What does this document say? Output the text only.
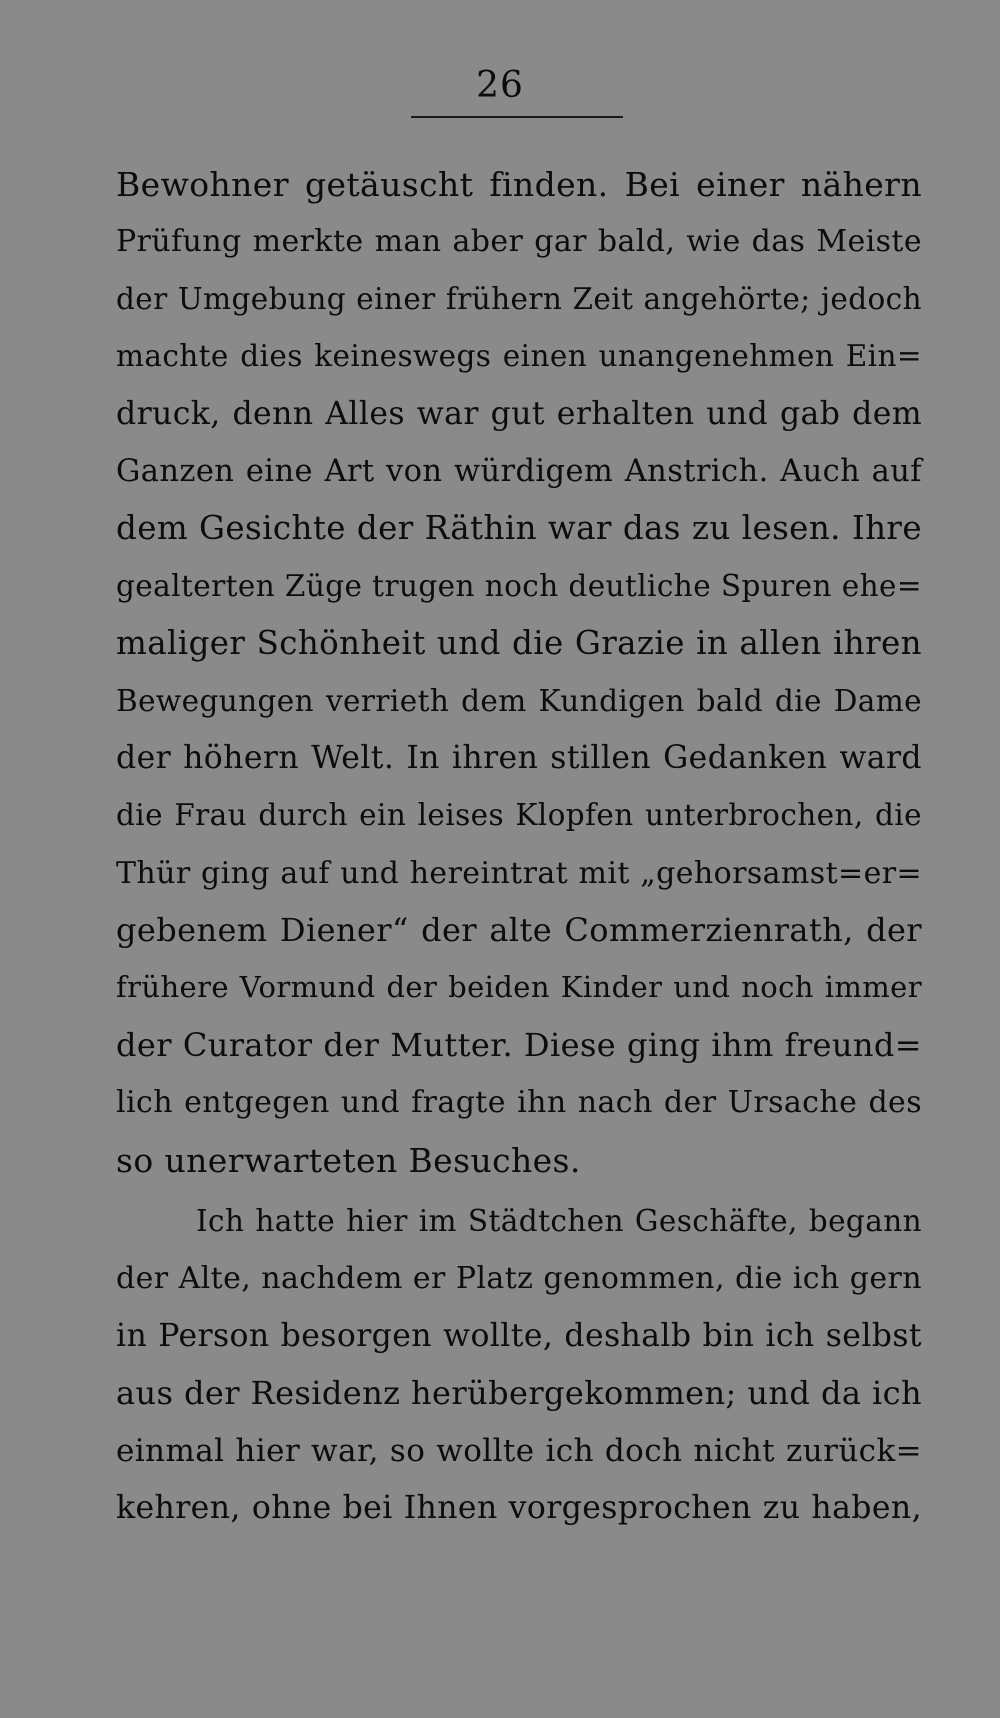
26
Bewohner getäuscht finden. Bei einer nähern
Prüfung merkte man aber gar bald, wie das Meiste
der Umgebung einer frühern Zeit angehörte; jedoch
machte dies keineswegs einen unangenehmen Ein=
druck, denn Alles war gut erhalten und gab dem
Ganzen eine Art von würdigem Anstrich. Auch auf
dem Gesichte der Räthin war das zu lesen. Ihre
gealterten Züge trugen noch deutliche Spuren ehe=
maliger Schönheit und die Grazie in allen ihren
Bewegungen verrieth dem Kundigen bald die Dame
der höhern Welt. In ihren stillen Gedanken ward
die Frau durch ein leises Klopfen unterbrochen, die
Thür ging auf und hereintrat mit „gehorsamst=er=
gebenem Diener“ der alte Commerzienrath, der
frühere Vormund der beiden Kinder und noch immer
der Curator der Mutter. Diese ging ihm freund=
lich entgegen und fragte ihn nach der Ursache des
so unerwarteten Besuches.
Ich hatte hier im Städtchen Geschäfte, begann
der Alte, nachdem er Platz genommen, die ich gern
in Person besorgen wollte, deshalb bin ich selbst
aus der Residenz herübergekommen; und da ich
einmal hier war, so wollte ich doch nicht zurück=
kehren, ohne bei Ihnen vorgesprochen zu haben,
